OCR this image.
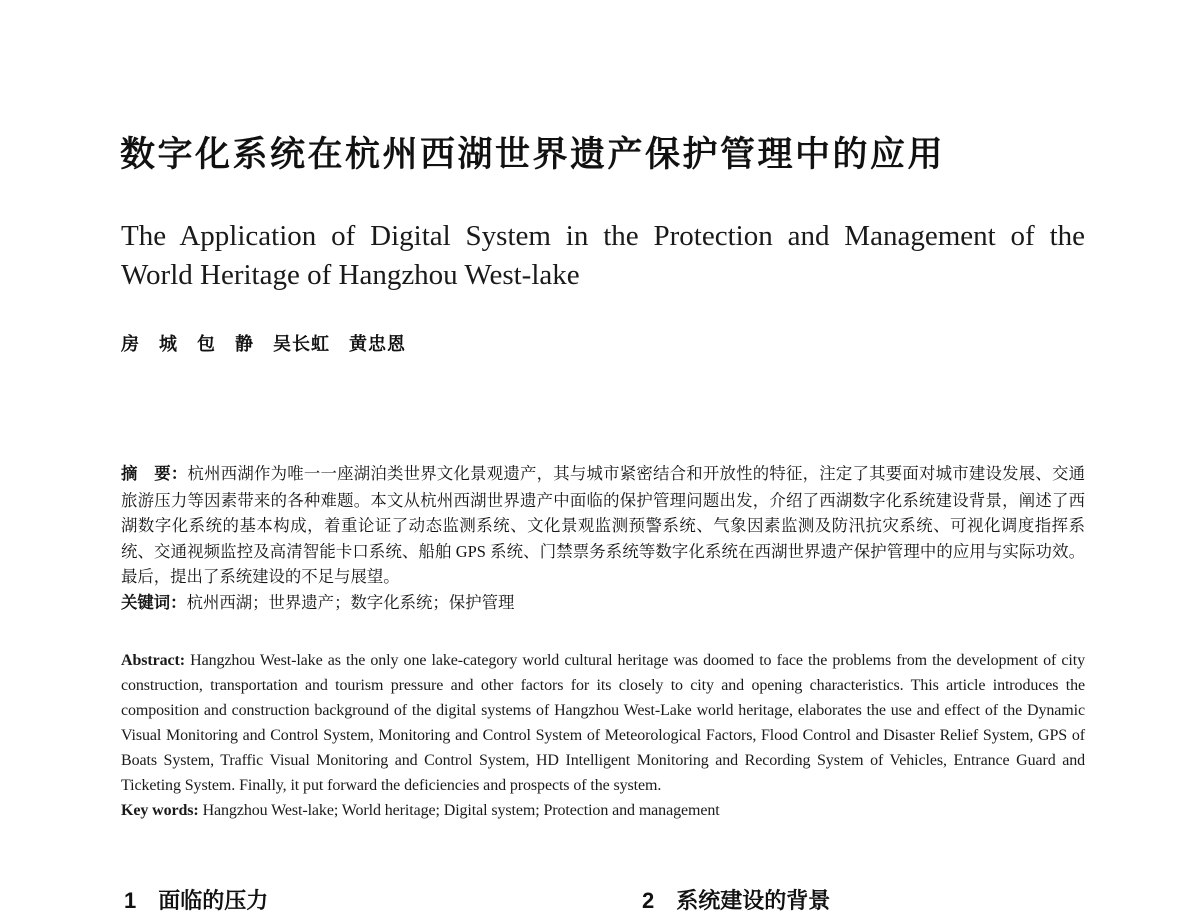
数字化系统在杭州西湖世界遗产保护管理中的应用
The Application of Digital System in the Protection and Management of the
World Heritage of Hangzhou West-lake
房　城　包　静　吴长虹　黄忠恩

摘　要：杭州西湖作为唯一一座湖泊类世界文化景观遗产，其与城市紧密结合和开放性的特征，注定了其要面对城市建设发展、交通旅游压力等因素带来的各种难题。本文从杭州西湖世界遗产中面临的保护管理问题出发，介绍了西湖数字化系统建设背景，阐述了西湖数字化系统的基本构成，着重论证了动态监测系统、文化景观监测预警系统、气象因素监测及防汛抗灾系统、可视化调度指挥系统、交通视频监控及高清智能卡口系统、船舶 GPS 系统、门禁票务系统等数字化系统在西湖世界遗产保护管理中的应用与实际功效。最后，提出了系统建设的不足与展望。

关键词：杭州西湖；世界遗产；数字化系统；保护管理

Abstract: Hangzhou West-lake as the only one lake-category world cultural heritage was doomed to face the problems from the development of city construction, transportation and tourism pressure and other factors for its closely to city and opening characteristics. This article introduces the composition and construction background of the digital systems of Hangzhou West-Lake world heritage, elaborates the use and effect of the Dynamic Visual Monitoring and Control System, Monitoring and Control System of Meteorological Factors, Flood Control and Disaster Relief System, GPS of Boats System, Traffic Visual Monitoring and Control System, HD Intelligent Monitoring and Recording System of Vehicles, Entrance Guard and Ticketing System. Finally, it put forward the deficiencies and prospects of the system.

Key words: Hangzhou West-lake; World heritage; Digital system; Protection and management

1 面临的压力	2 系统建设的背景
